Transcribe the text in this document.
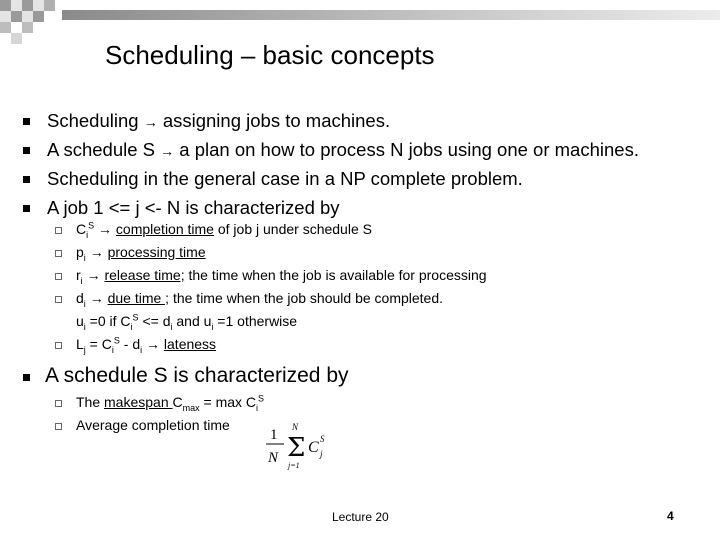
Scheduling – basic concepts
Scheduling → assigning jobs to machines.
A schedule S → a plan on how to process N jobs using one or machines.
Scheduling in the general case in a NP complete problem.
A job 1 <= j <- N is characterized by
$C_i^S$ → completion time of job j under schedule S
$p_i$ → processing time
$r_i$ → release time; the time when the job is available for processing
$d_i$ → due time ; the time when the job should be completed.
$u_i =0$ if $C_i^S <= d_i$ and $u_i =1$ otherwise
$L_j = C_i^S - d_i$ → lateness
A schedule S is characterized by
The makespan $C_{max} = \max C_i^S$
Average completion time
1
N
N
Σ
j=1
C S
j
Lecture 20	4
